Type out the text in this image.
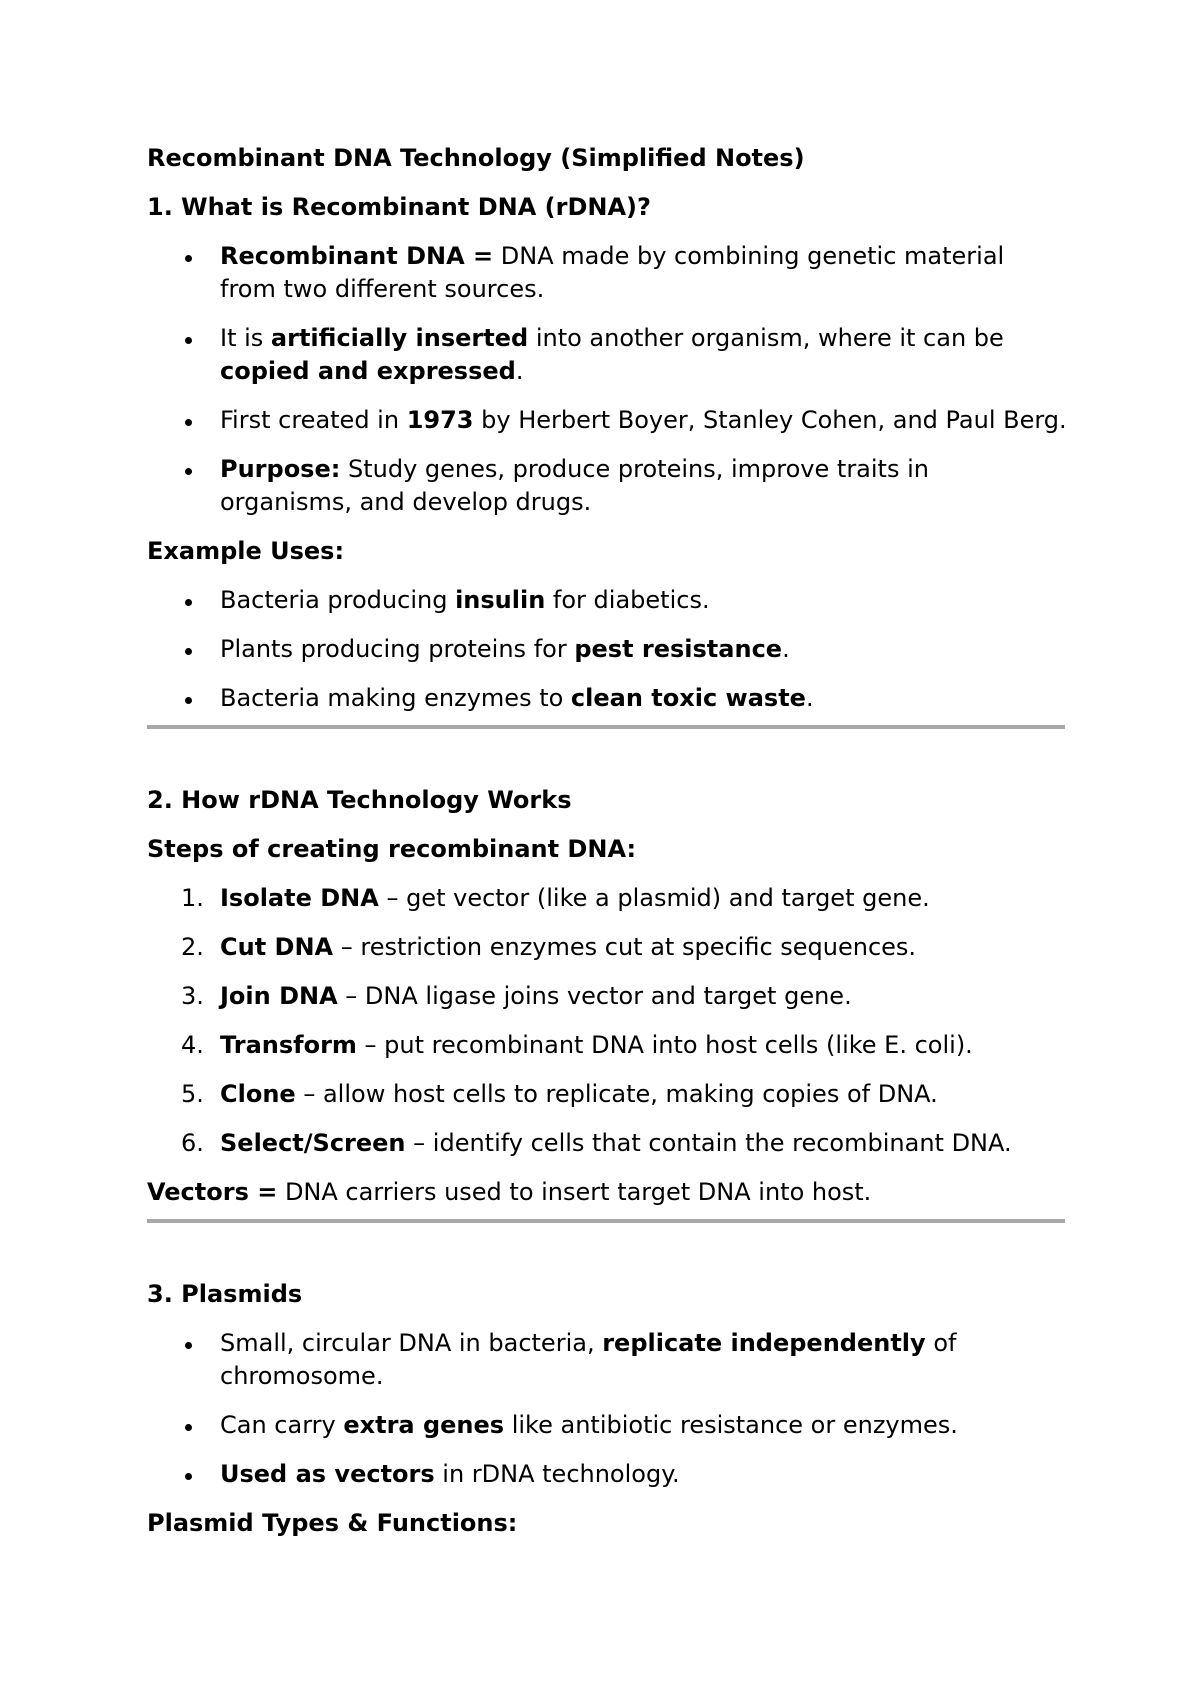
Recombinant DNA Technology (Simplified Notes)
1. What is Recombinant DNA (rDNA)?
Recombinant DNA = DNA made by combining genetic material from two different sources.
It is artificially inserted into another organism, where it can be copied and expressed.
First created in 1973 by Herbert Boyer, Stanley Cohen, and Paul Berg.
Purpose: Study genes, produce proteins, improve traits in organisms, and develop drugs.
Example Uses:
Bacteria producing insulin for diabetics.
Plants producing proteins for pest resistance.
Bacteria making enzymes to clean toxic waste.
2. How rDNA Technology Works
Steps of creating recombinant DNA:
1. Isolate DNA – get vector (like a plasmid) and target gene.
2. Cut DNA – restriction enzymes cut at specific sequences.
3. Join DNA – DNA ligase joins vector and target gene.
4. Transform – put recombinant DNA into host cells (like E. coli).
5. Clone – allow host cells to replicate, making copies of DNA.
6. Select/Screen – identify cells that contain the recombinant DNA.

Vectors = DNA carriers used to insert target DNA into host.

3. Plasmids
Small, circular DNA in bacteria, replicate independently of chromosome.
Can carry extra genes like antibiotic resistance or enzymes.
Used as vectors in rDNA technology.
Plasmid Types & Functions:
